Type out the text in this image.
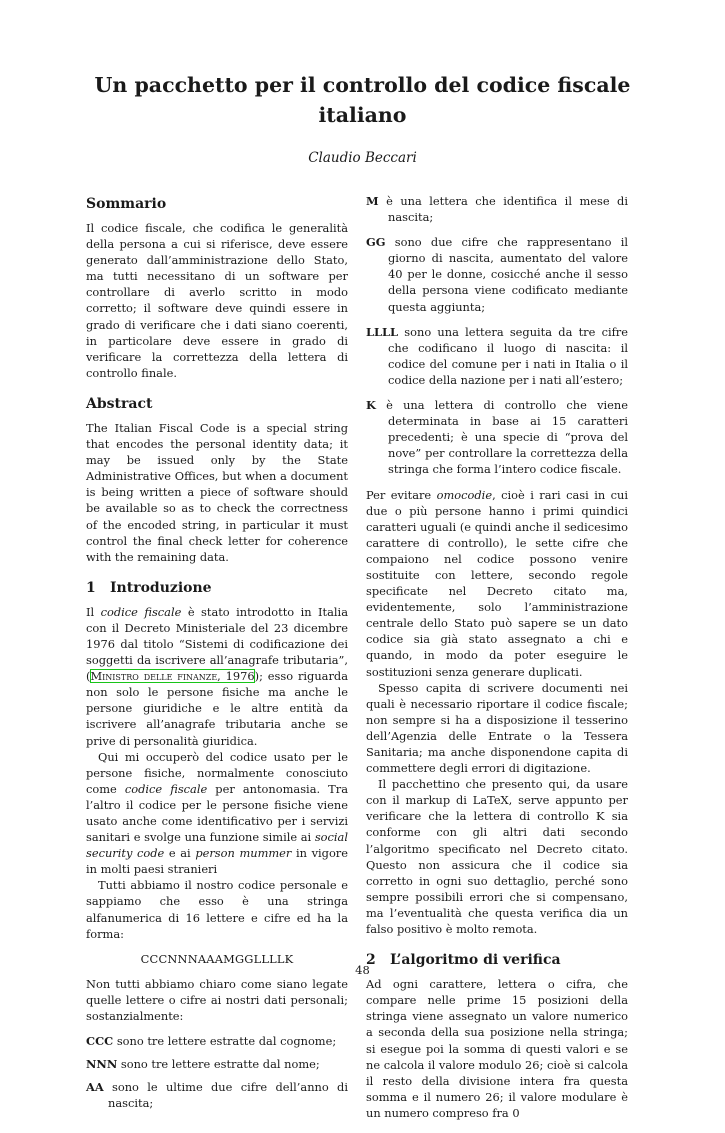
Un pacchetto per il controllo del codice fiscale italiano
Claudio Beccari
Sommario

Il codice fiscale, che codifica le generalità della persona a cui si riferisce, deve essere generato dall’amministrazione dello Stato, ma tutti necessitano di un software per controllare di averlo scritto in modo corretto; il software deve quindi essere in grado di verificare che i dati siano coerenti, in particolare deve essere in grado di verificare la correttezza della lettera di controllo finale.

Abstract

The Italian Fiscal Code is a special string that encodes the personal identity data; it may be issued only by the State Administrative Offices, but when a document is being written a piece of software should be available so as to check the correctness of the encoded string, in particular it must control the final check letter for coherence with the remaining data.

1 Introduzione

Il codice fiscale è stato introdotto in Italia con il Decreto Ministeriale del 23 dicembre 1976 dal titolo “Sistemi di codificazione dei soggetti da iscrivere all’anagrafe tributaria”, (Ministro delle finanze, 1976); esso riguarda non solo le persone fisiche ma anche le persone giuridiche e le altre entità da iscrivere all’anagrafe tributaria anche se prive di personalità giuridica.

Qui mi occuperò del codice usato per le persone fisiche, normalmente conosciuto come codice fiscale per antonomasia. Tra l’altro il codice per le persone fisiche viene usato anche come identificativo per i servizi sanitari e svolge una funzione simile ai social security code e ai person mummer in vigore in molti paesi stranieri

Tutti abbiamo il nostro codice personale e sappiamo che esso è una stringa alfanumerica di 16 lettere e cifre ed ha la forma:

CCCNNNAAAMGGLLLLK

Non tutti abbiamo chiaro come siano legate quelle lettere o cifre ai nostri dati personali; sostanzialmente:

CCC sono tre lettere estratte dal cognome;
NNN sono tre lettere estratte dal nome;
AA sono le ultime due cifre dell’anno di nascita;
M è una lettera che identifica il mese di nascita;
GG sono due cifre che rappresentano il giorno di nascita, aumentato del valore 40 per le donne, cosicché anche il sesso della persona viene codificato mediante questa aggiunta;
LLLL sono una lettera seguita da tre cifre che codificano il luogo di nascita: il codice del comune per i nati in Italia o il codice della nazione per i nati all’estero;
K è una lettera di controllo che viene determinata in base ai 15 caratteri precedenti; è una specie di “prova del nove” per controllare la correttezza della stringa che forma l’intero codice fiscale.

Per evitare omocodie, cioè i rari casi in cui due o più persone hanno i primi quindici caratteri uguali (e quindi anche il sedicesimo carattere di controllo), le sette cifre che compaiono nel codice possono venire sostituite con lettere, secondo regole specificate nel Decreto citato ma, evidentemente, solo l’amministrazione centrale dello Stato può sapere se un dato codice sia già stato assegnato a chi e quando, in modo da poter eseguire le sostituzioni senza generare duplicati.

Spesso capita di scrivere documenti nei quali è necessario riportare il codice fiscale; non sempre si ha a disposizione il tesserino dell’Agenzia delle Entrate o la Tessera Sanitaria; ma anche disponendone capita di commettere degli errori di digitazione.

Il pacchettino che presento qui, da usare con il markup di LaTeX, serve appunto per verificare che la lettera di controllo K sia conforme con gli altri dati secondo l’algoritmo specificato nel Decreto citato. Questo non assicura che il codice sia corretto in ogni suo dettaglio, perché sono sempre possibili errori che si compensano, ma l’eventualità che questa verifica dia un falso positivo è molto remota.

2 L’algoritmo di verifica

Ad ogni carattere, lettera o cifra, che compare nelle prime 15 posizioni della stringa viene assegnato un valore numerico a seconda della sua posizione nella stringa; si esegue poi la somma di questi valori e se ne calcola il valore modulo 26; cioè si calcola il resto della divisione intera fra questa somma e il numero 26; il valore modulare è un numero compreso fra 0

48
